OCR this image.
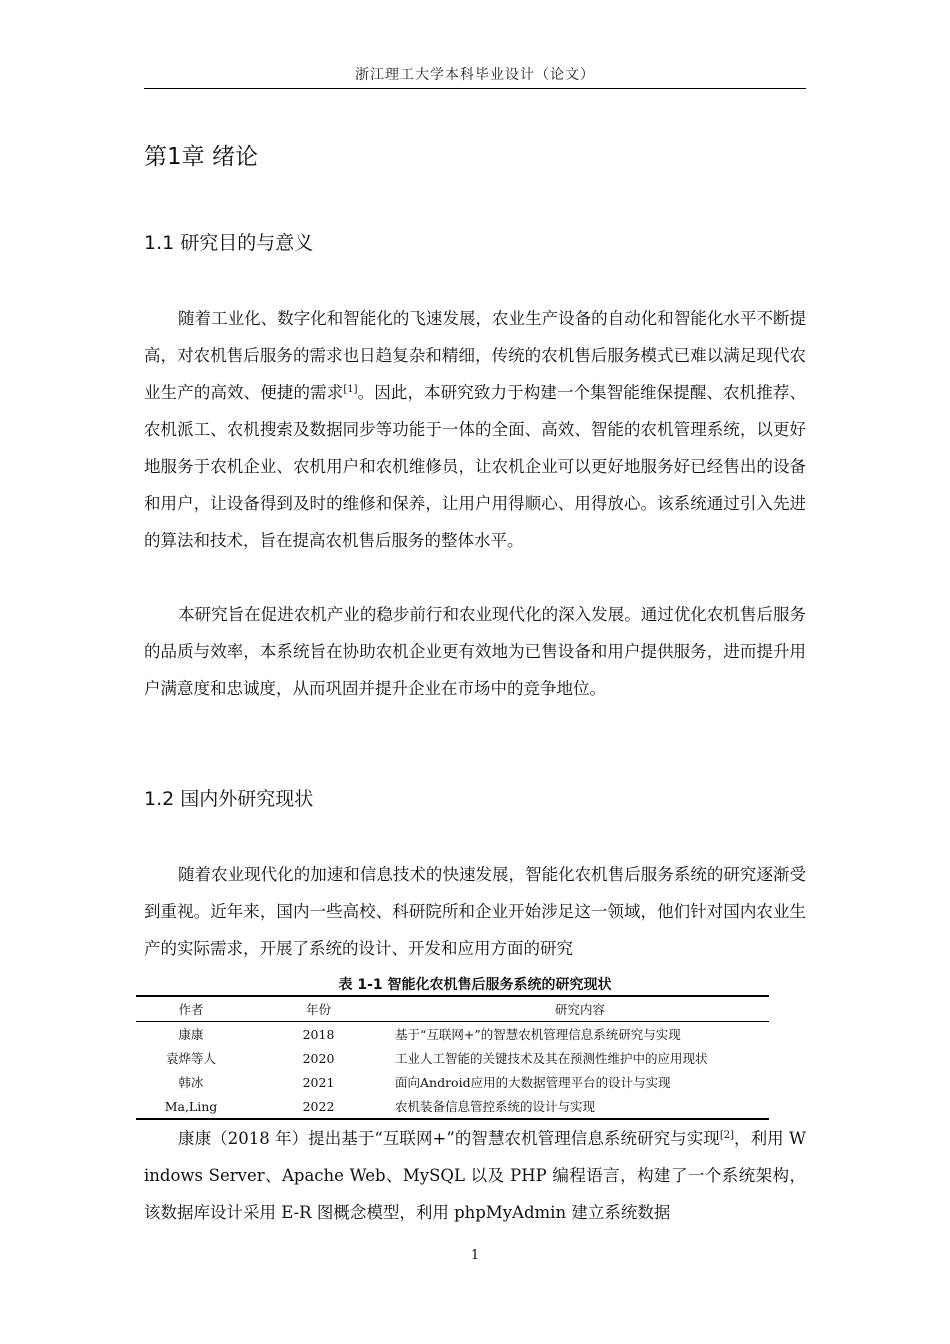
浙江理工大学本科毕业设计（论文）
第1章 绪论
1.1 研究目的与意义

随着工业化、数字化和智能化的飞速发展，农业生产设备的自动化和智能化水平不断提高，对农机售后服务的需求也日趋复杂和精细，传统的农机售后服务模式已难以满足现代农业生产的高效、便捷的需求[1]。因此，本研究致力于构建一个集智能维保提醒、农机推荐、农机派工、农机搜索及数据同步等功能于一体的全面、高效、智能的农机管理系统，以更好地服务于农机企业、农机用户和农机维修员，让农机企业可以更好地服务好已经售出的设备和用户，让设备得到及时的维修和保养，让用户用得顺心、用得放心。该系统通过引入先进的算法和技术，旨在提高农机售后服务的整体水平。

本研究旨在促进农机产业的稳步前行和农业现代化的深入发展。通过优化农机售后服务的品质与效率，本系统旨在协助农机企业更有效地为已售设备和用户提供服务，进而提升用户满意度和忠诚度，从而巩固并提升企业在市场中的竞争地位。

1.2 国内外研究现状

随着农业现代化的加速和信息技术的快速发展，智能化农机售后服务系统的研究逐渐受到重视。近年来，国内一些高校、科研院所和企业开始涉足这一领域，他们针对国内农业生产的实际需求，开展了系统的设计、开发和应用方面的研究

表 1-1 智能化农机售后服务系统的研究现状
作者	年份	研究内容
康康	2018	基于“互联网+”的智慧农机管理信息系统研究与实现
袁烨等人	2020	工业人工智能的关键技术及其在预测性维护中的应用现状
韩冰	2021	面向Android应用的大数据管理平台的设计与实现
Ma,Ling	2022	农机装备信息管控系统的设计与实现

康康（2018 年）提出基于“互联网+”的智慧农机管理信息系统研究与实现[2]，利用 Windows Server、Apache Web、MySQL 以及 PHP 编程语言，构建了一个系统架构，该数据库设计采用 E-R 图概念模型，利用 phpMyAdmin 建立系统数据

1
